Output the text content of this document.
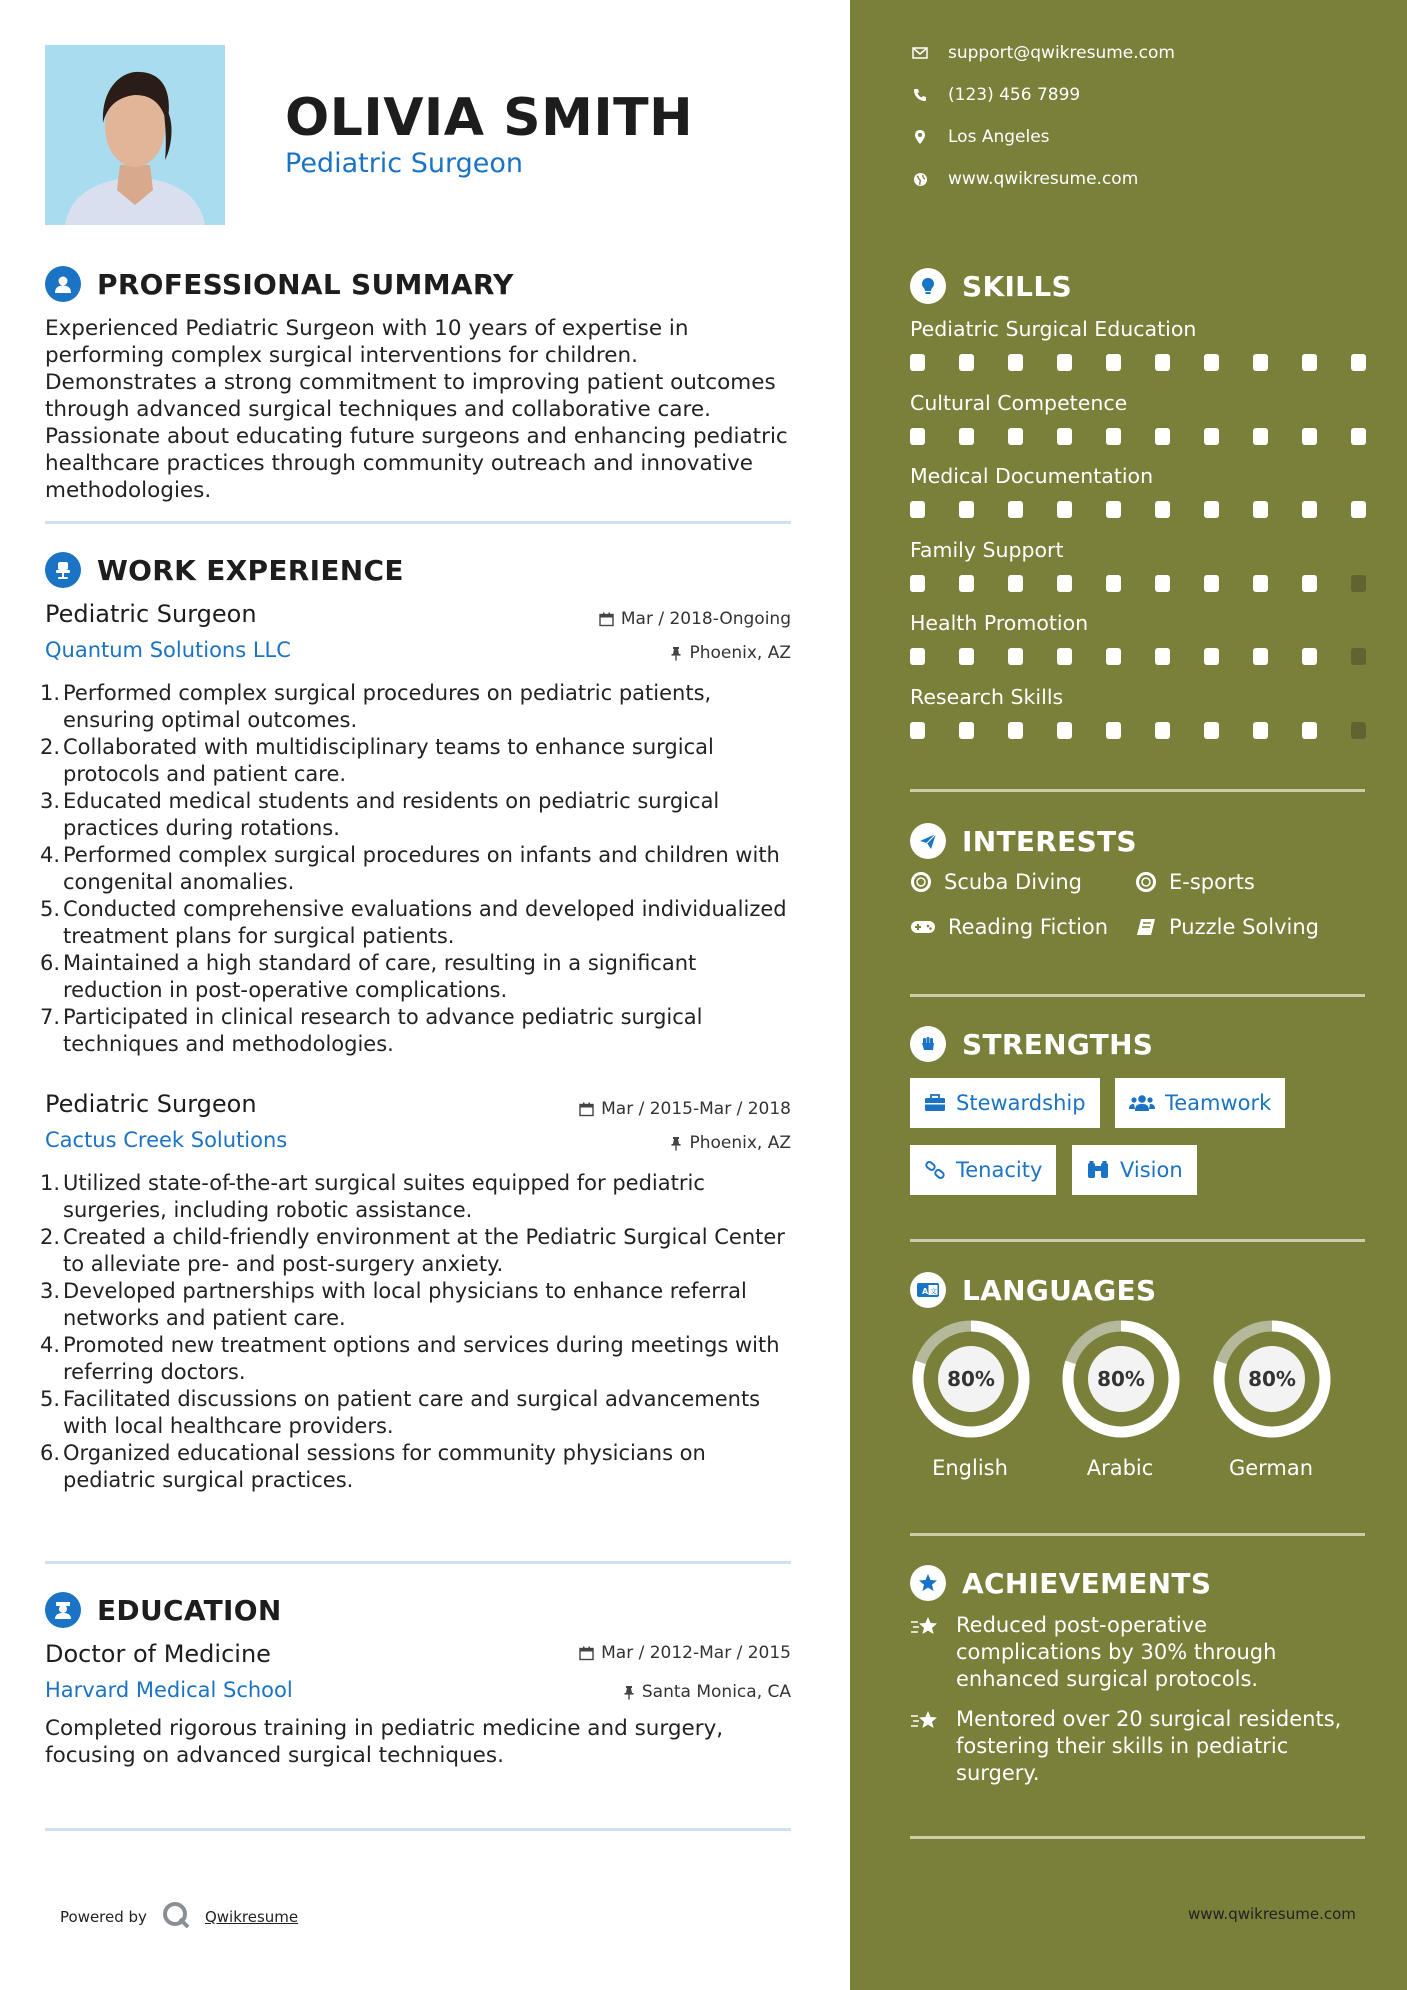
OLIVIA SMITH
Pediatric Surgeon
PROFESSIONAL SUMMARY
Experienced Pediatric Surgeon with 10 years of expertise in performing complex surgical interventions for children. Demonstrates a strong commitment to improving patient outcomes through advanced surgical techniques and collaborative care. Passionate about educating future surgeons and enhancing pediatric healthcare practices through community outreach and innovative methodologies.
WORK EXPERIENCE
Pediatric Surgeon	Mar / 2018-Ongoing
Quantum Solutions LLC	Phoenix, AZ
Performed complex surgical procedures on pediatric patients, ensuring optimal outcomes.
Collaborated with multidisciplinary teams to enhance surgical protocols and patient care.
Educated medical students and residents on pediatric surgical practices during rotations.
Performed complex surgical procedures on infants and children with congenital anomalies.
Conducted comprehensive evaluations and developed individualized treatment plans for surgical patients.
Maintained a high standard of care, resulting in a significant reduction in post-operative complications.
Participated in clinical research to advance pediatric surgical techniques and methodologies.
Pediatric Surgeon	Mar / 2015-Mar / 2018
Cactus Creek Solutions	Phoenix, AZ
Utilized state-of-the-art surgical suites equipped for pediatric surgeries, including robotic assistance.
Created a child-friendly environment at the Pediatric Surgical Center to alleviate pre- and post-surgery anxiety.
Developed partnerships with local physicians to enhance referral networks and patient care.
Promoted new treatment options and services during meetings with referring doctors.
Facilitated discussions on patient care and surgical advancements with local healthcare providers.
Organized educational sessions for community physicians on pediatric surgical practices.
EDUCATION
Doctor of Medicine	Mar / 2012-Mar / 2015
Harvard Medical School	Santa Monica, CA
Completed rigorous training in pediatric medicine and surgery, focusing on advanced surgical techniques.
Powered by	Qwikresume
support@qwikresume.com
(123) 456 7899
Los Angeles
www.qwikresume.com
SKILLS
Pediatric Surgical Education
Cultural Competence
Medical Documentation
Family Support
Health Promotion
Research Skills
INTERESTS
Scuba Diving	E-sports
Reading Fiction	Puzzle Solving
STRENGTHS
Stewardship	Teamwork
Tenacity	Vision
A 文 LANGUAGES
80%
English
80%
Arabic
80%
German
ACHIEVEMENTS
Reduced post-operative complications by 30% through enhanced surgical protocols.
Mentored over 20 surgical residents, fostering their skills in pediatric surgery.
www.qwikresume.com
